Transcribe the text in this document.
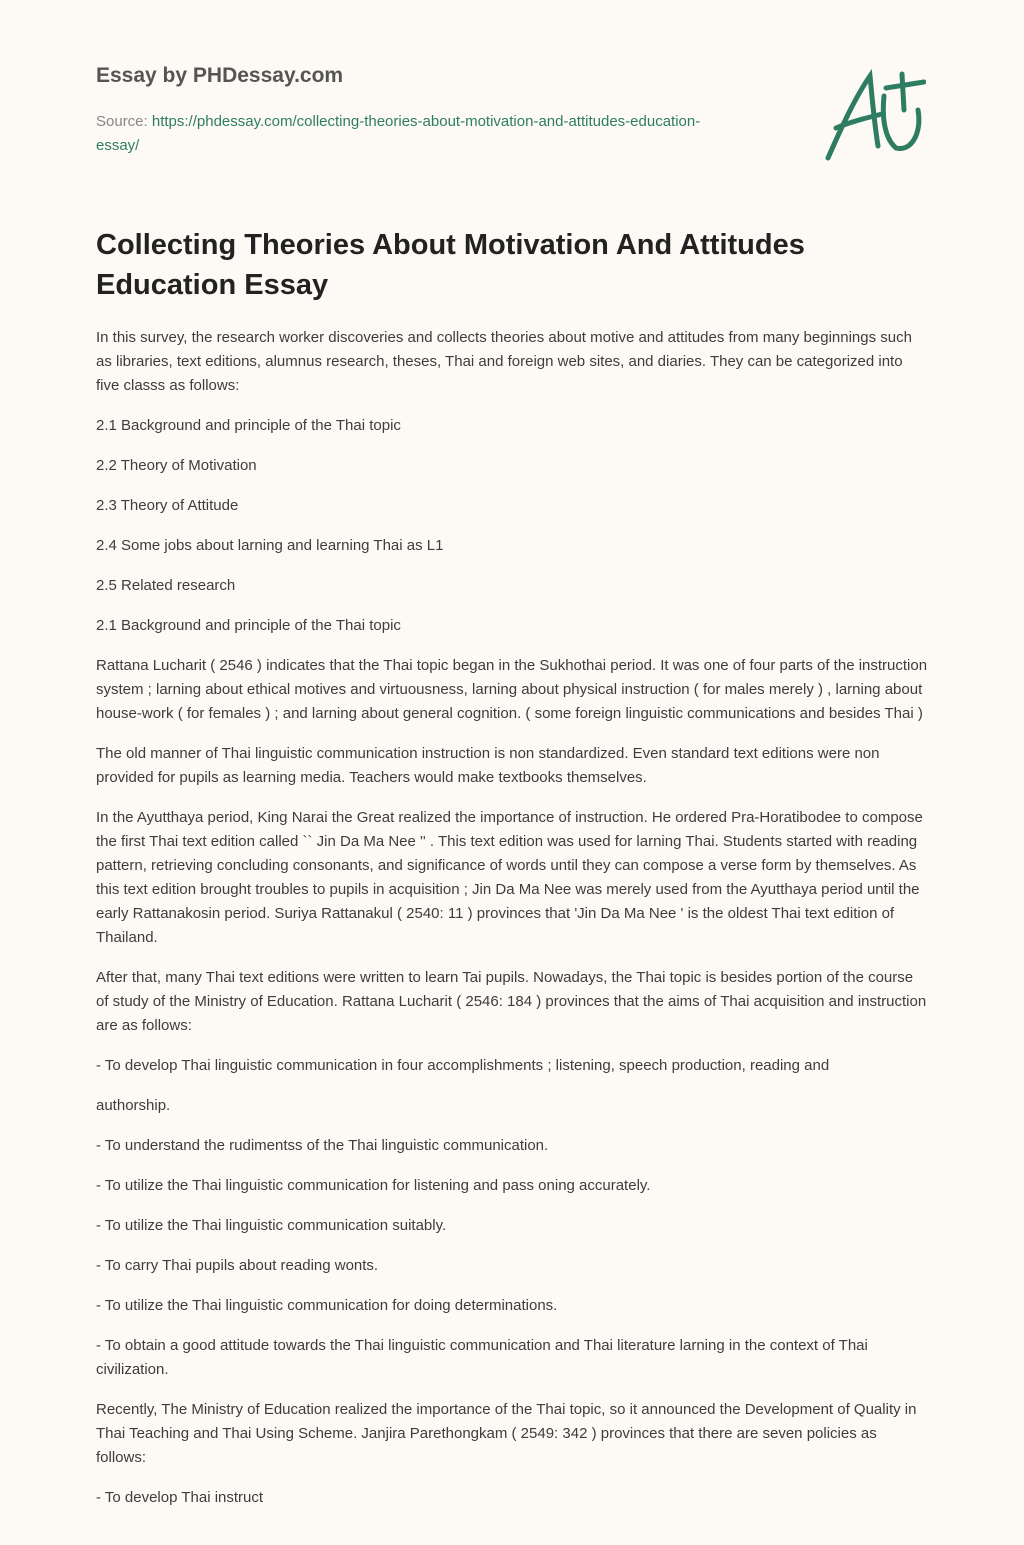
Essay by PHDessay.com
Source: https://phdessay.com/collecting-theories-about-motivation-and-attitudes-education-essay/
Collecting Theories About Motivation And Attitudes Education Essay

In this survey, the research worker discoveries and collects theories about motive and attitudes from many beginnings such as libraries, text editions, alumnus research, theses, Thai and foreign web sites, and diaries. They can be categorized into five classs as follows:

2.1 Background and principle of the Thai topic

2.2 Theory of Motivation

2.3 Theory of Attitude

2.4 Some jobs about larning and learning Thai as L1

2.5 Related research

2.1 Background and principle of the Thai topic

Rattana Lucharit ( 2546 ) indicates that the Thai topic began in the Sukhothai period. It was one of four parts of the instruction system ; larning about ethical motives and virtuousness, larning about physical instruction ( for males merely ) , larning about house-work ( for females ) ; and larning about general cognition. ( some foreign linguistic communications and besides Thai )

The old manner of Thai linguistic communication instruction is non standardized. Even standard text editions were non provided for pupils as learning media. Teachers would make textbooks themselves.

In the Ayutthaya period, King Narai the Great realized the importance of instruction. He ordered Pra-Horatibodee to compose the first Thai text edition called `` Jin Da Ma Nee '' . This text edition was used for larning Thai. Students started with reading pattern, retrieving concluding consonants, and significance of words until they can compose a verse form by themselves. As this text edition brought troubles to pupils in acquisition ; Jin Da Ma Nee was merely used from the Ayutthaya period until the early Rattanakosin period. Suriya Rattanakul ( 2540: 11 ) provinces that 'Jin Da Ma Nee ' is the oldest Thai text edition of Thailand.

After that, many Thai text editions were written to learn Tai pupils. Nowadays, the Thai topic is besides portion of the course of study of the Ministry of Education. Rattana Lucharit ( 2546: 184 ) provinces that the aims of Thai acquisition and instruction are as follows:

- To develop Thai linguistic communication in four accomplishments ; listening, speech production, reading and

authorship.

- To understand the rudimentss of the Thai linguistic communication.

- To utilize the Thai linguistic communication for listening and pass oning accurately.

- To utilize the Thai linguistic communication suitably.

- To carry Thai pupils about reading wonts.

- To utilize the Thai linguistic communication for doing determinations.

- To obtain a good attitude towards the Thai linguistic communication and Thai literature larning in the context of Thai civilization.

Recently, The Ministry of Education realized the importance of the Thai topic, so it announced the Development of Quality in Thai Teaching and Thai Using Scheme. Janjira Parethongkam ( 2549: 342 ) provinces that there are seven policies as follows:

- To develop Thai instruct
